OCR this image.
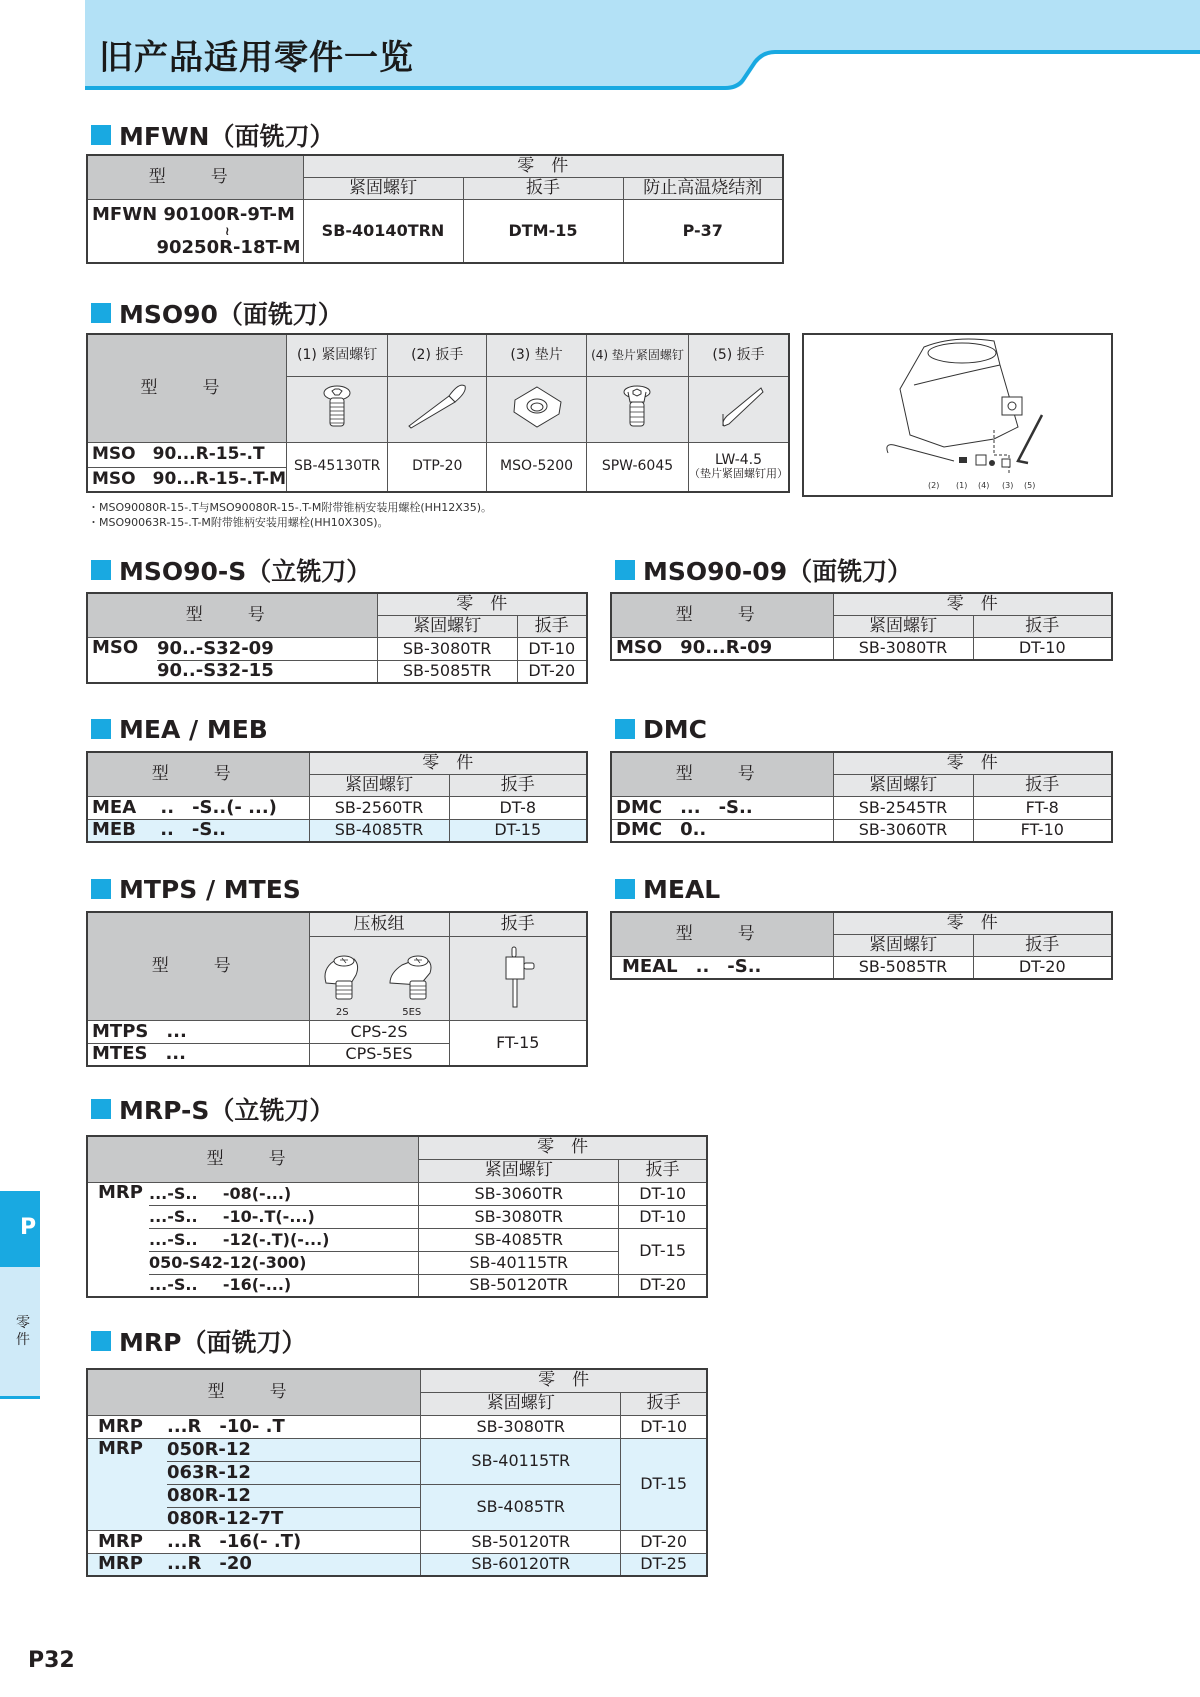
旧产品适用零件一览
P
零
件
P32
MFWN（面铣刀）
型　号	零　件		
	紧固螺钉	扳手	防止高温烧结剂

MFWN 90100R-9T-M
≀
90250R-18T-M	SB-40140TRN	DTM-15	P-37
MSO90（面铣刀）
型　号	(1) 紧固螺钉	(2) 扳手	(3) 垫片	(4) 垫片紧固螺钉	(5) 扳手

MSO　90...R-15-.T	SB-45130TR	DTP-20	MSO-5200	SPW-6045	LW-4.5
（垫片紧固螺钉用）

MSO　90...R-15-.T-M					
・MSO90080R-15-.T与MSO90080R-15-.T-M附带锥柄安装用螺栓(HH12X35)。
・MSO90063R-15-.T-M附带锥柄安装用螺栓(HH10X30S)。
(2) (1) (4) (3) (5)
MSO90-S（立铣刀）
型　号		零　件	
		紧固螺钉	扳手
MSO	90..-S32-09	SB-3080TR	DT-10
	90..-S32-15	SB-5085TR	DT-20
MSO90-09（面铣刀）
型　号	零　件	
	紧固螺钉	扳手
MSO　90...R-09	SB-3080TR	DT-10
MEA / MEB
型　号	零　件	
	紧固螺钉	扳手
MEA　 ..　-S..(- ...)	SB-2560TR	DT-8
MEB　 ..　-S..	SB-4085TR	DT-15
DMC
型　号	零　件	
	紧固螺钉	扳手
DMC　...　-S..	SB-2545TR	FT-8
DMC　0..	SB-3060TR	FT-10
MTPS / MTES
型　号	压板组	扳手

	2S 5ES

MTPS　...	CPS-2S	FT-15
MTES　...	CPS-5ES	
MEAL
型　号	零　件	
	紧固螺钉	扳手
MEAL　..　-S..	SB-5085TR	DT-20
MRP-S（立铣刀）
型　号			零　件	
			紧固螺钉	扳手
MRP	...-S..	-08(-...)	SB-3060TR	DT-10
	...-S..	-10-.T(-...)	SB-3080TR	DT-10
	...-S..	-12(-.T)(-...)	SB-4085TR	DT-15
	050-S42	-12(-300)	SB-40115TR	
	...-S..	-16(-...)	SB-50120TR	DT-20
MRP（面铣刀）
型　号		零　件	
		紧固螺钉	扳手
MRP	...R　-10- .T	SB-3080TR	DT-10
MRP	050R-12	SB-40115TR	DT-15
	063R-12		
	080R-12	SB-4085TR	
	080R-12-7T		
MRP	...R　-16(- .T)	SB-50120TR	DT-20
MRP	...R　-20	SB-60120TR	DT-25
